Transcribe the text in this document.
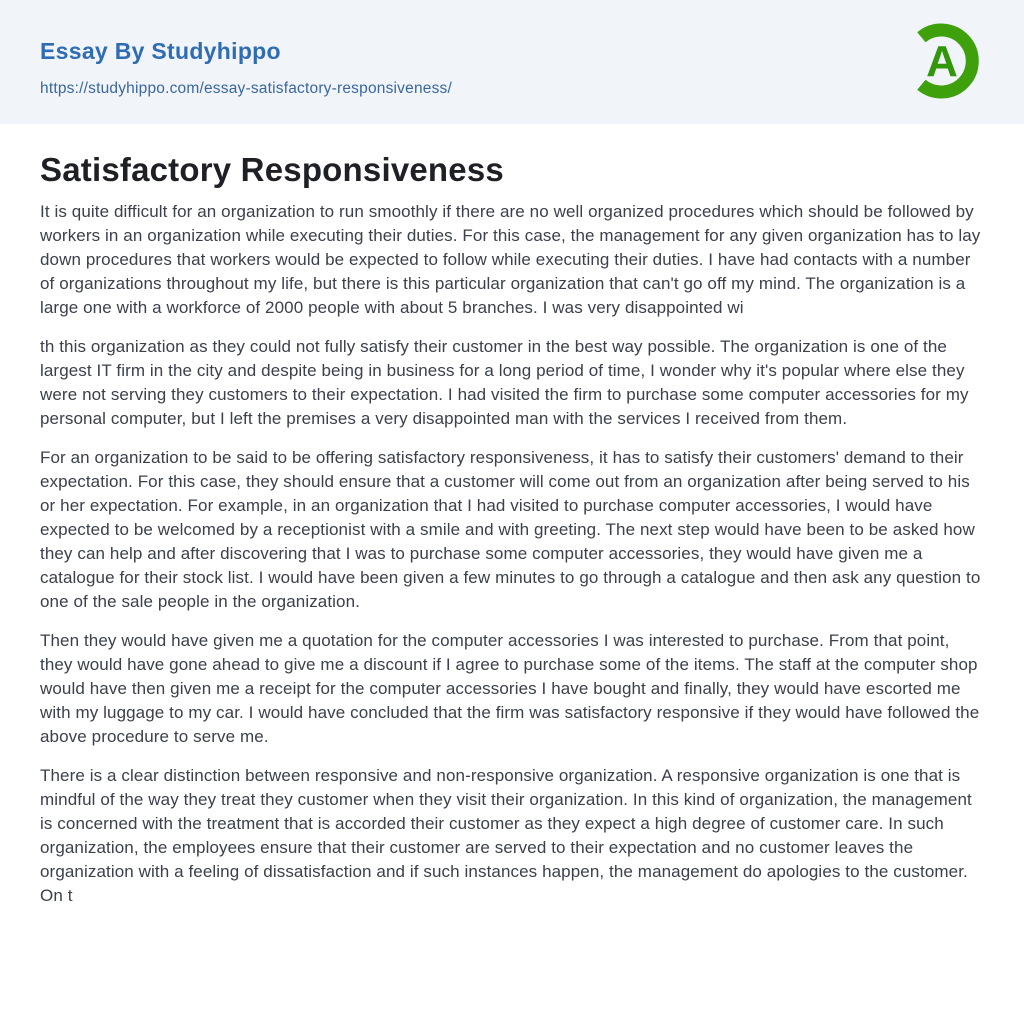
Essay By Studyhippo
https://studyhippo.com/essay-satisfactory-responsiveness/
A
Satisfactory Responsiveness

It is quite difficult for an organization to run smoothly if there are no well organized procedures which should be followed by workers in an organization while executing their duties. For this case, the management for any given organization has to lay down procedures that workers would be expected to follow while executing their duties. I have had contacts with a number of organizations throughout my life, but there is this particular organization that can't go off my mind. The organization is a large one with a workforce of 2000 people with about 5 branches. I was very disappointed wi

th this organization as they could not fully satisfy their customer in the best way possible. The organization is one of the largest IT firm in the city and despite being in business for a long period of time, I wonder why it's popular where else they were not serving they customers to their expectation. I had visited the firm to purchase some computer accessories for my personal computer, but I left the premises a very disappointed man with the services I received from them.

For an organization to be said to be offering satisfactory responsiveness, it has to satisfy their customers' demand to their expectation. For this case, they should ensure that a customer will come out from an organization after being served to his or her expectation. For example, in an organization that I had visited to purchase computer accessories, I would have expected to be welcomed by a receptionist with a smile and with greeting. The next step would have been to be asked how they can help and after discovering that I was to purchase some computer accessories, they would have given me a catalogue for their stock list. I would have been given a few minutes to go through a catalogue and then ask any question to one of the sale people in the organization.

Then they would have given me a quotation for the computer accessories I was interested to purchase. From that point, they would have gone ahead to give me a discount if I agree to purchase some of the items. The staff at the computer shop would have then given me a receipt for the computer accessories I have bought and finally, they would have escorted me with my luggage to my car. I would have concluded that the firm was satisfactory responsive if they would have followed the above procedure to serve me.

There is a clear distinction between responsive and non-responsive organization. A responsive organization is one that is mindful of the way they treat they customer when they visit their organization. In this kind of organization, the management is concerned with the treatment that is accorded their customer as they expect a high degree of customer care. In such organization, the employees ensure that their customer are served to their expectation and no customer leaves the organization with a feeling of dissatisfaction and if such instances happen, the management do apologies to the customer. On t
